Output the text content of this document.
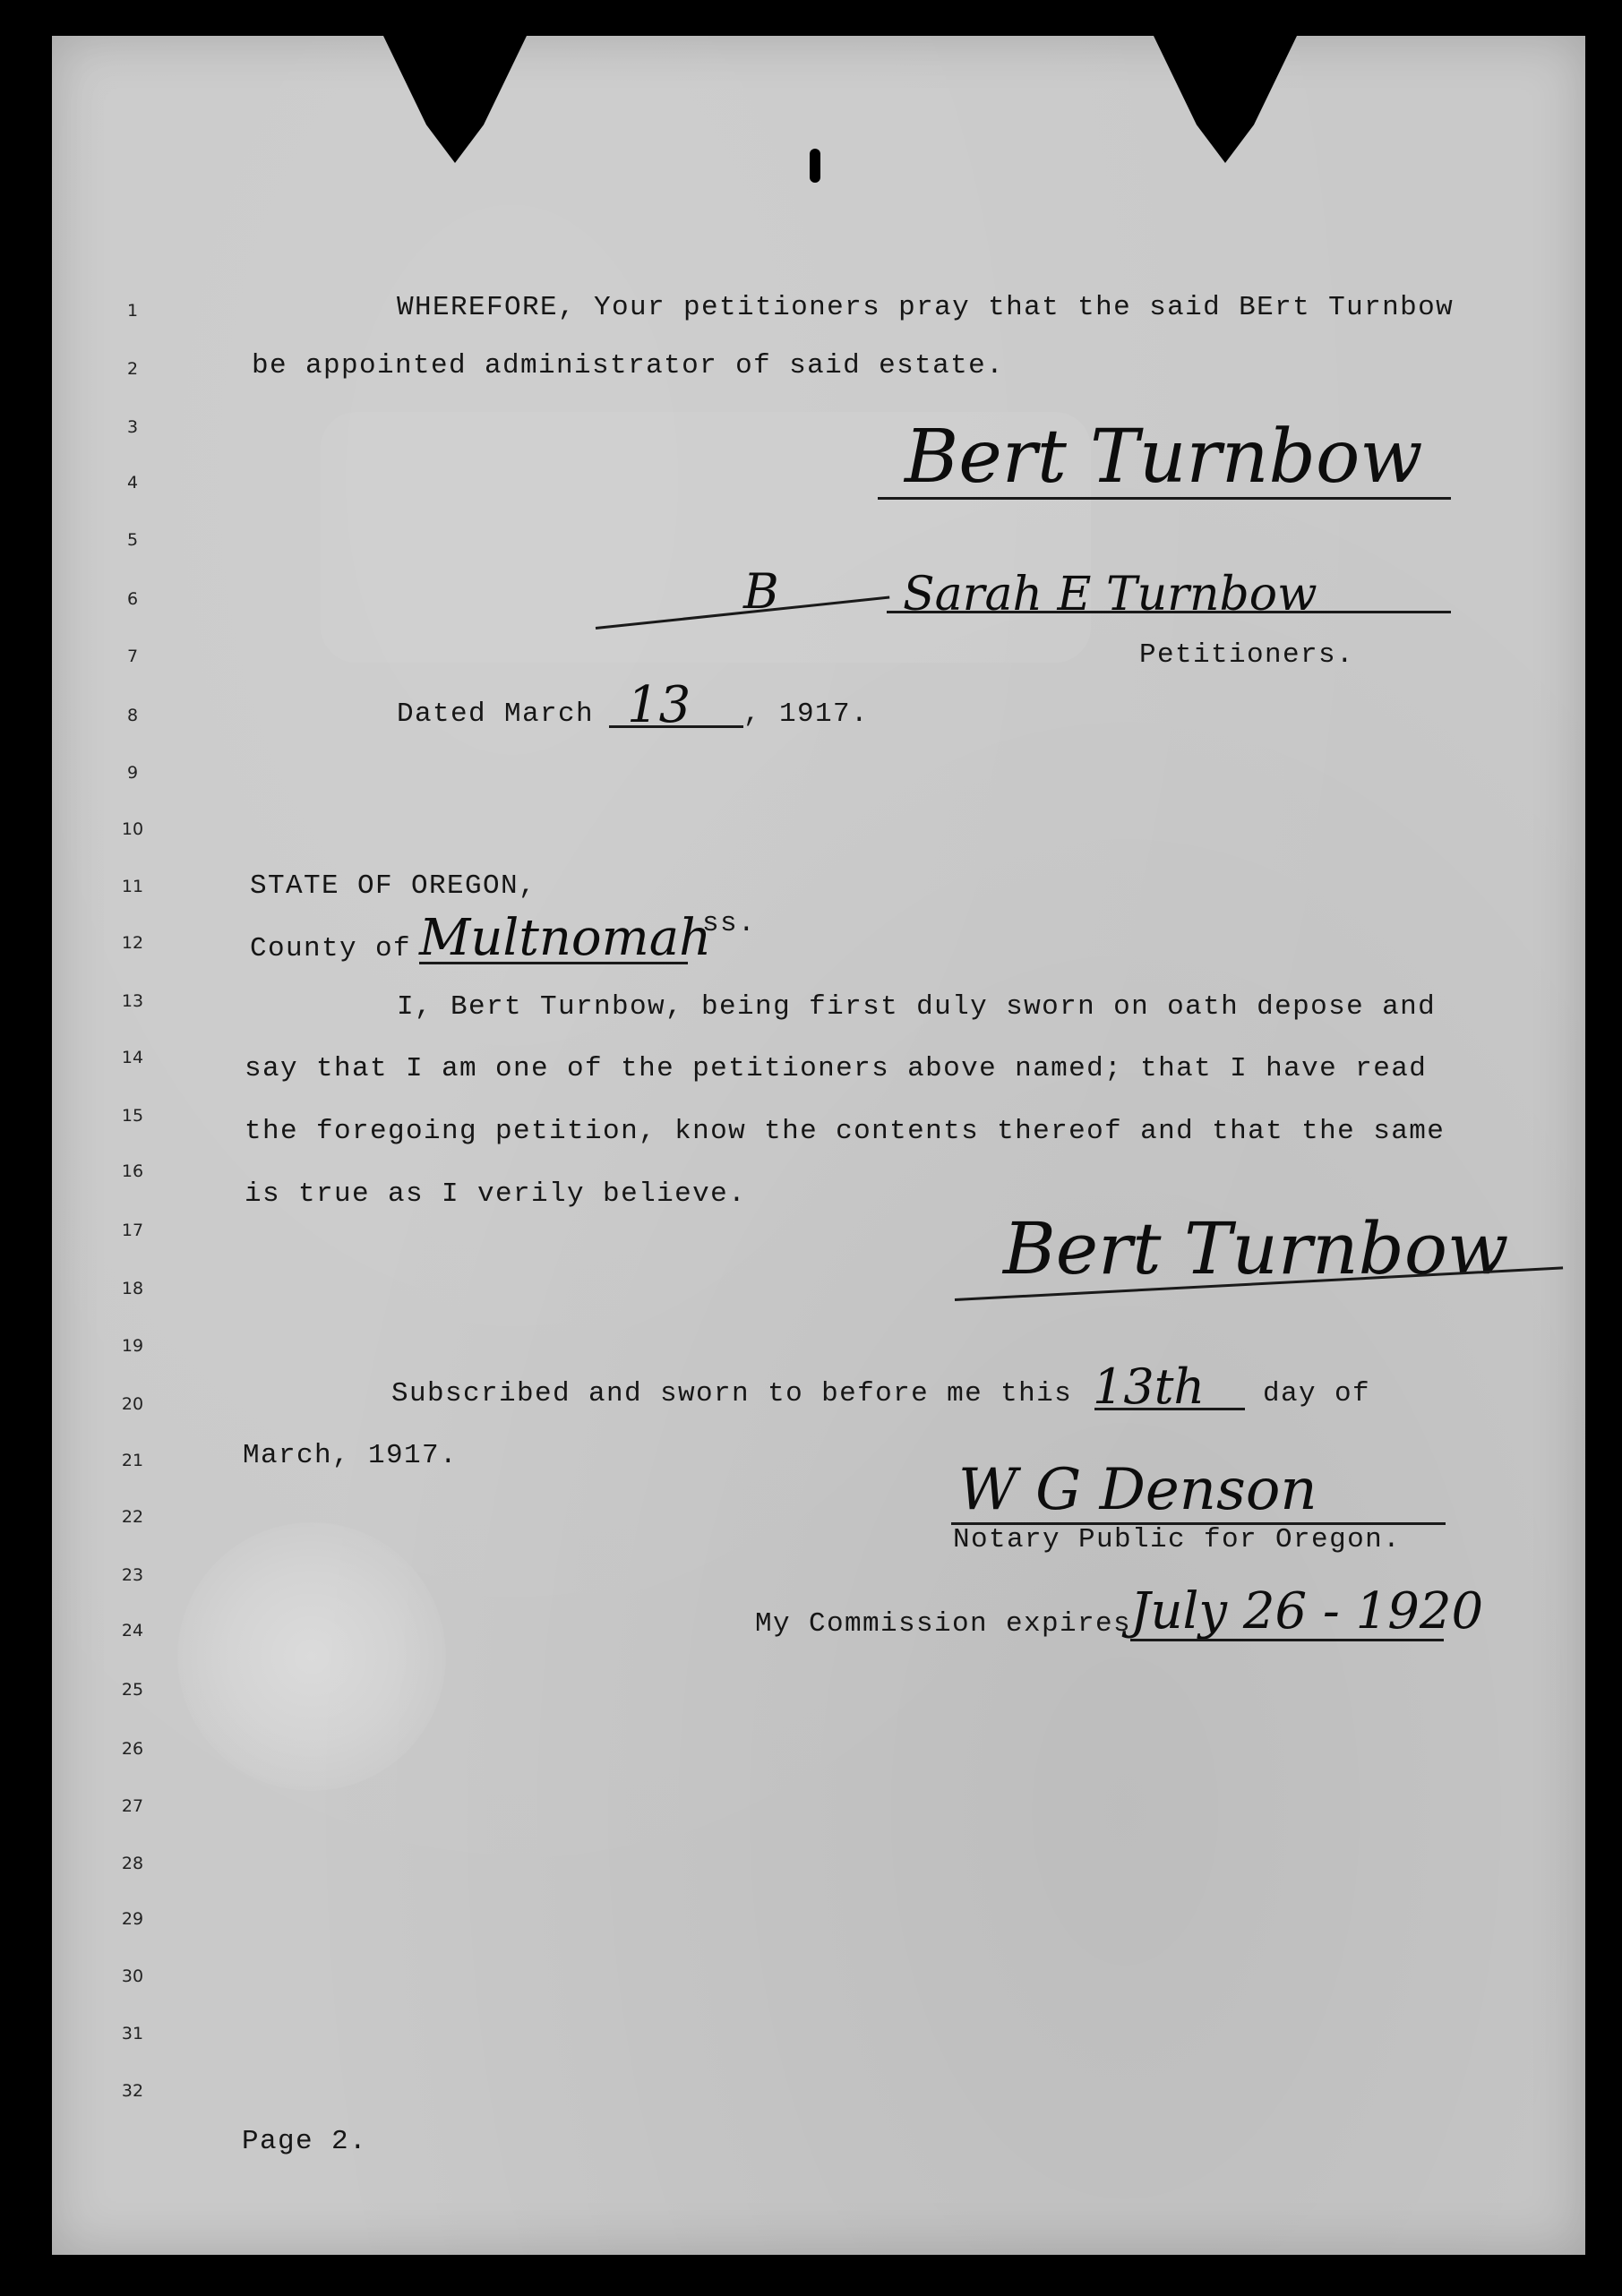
1
2
3
4
5
6
7
8
9
10
11
12
13
14
15
16
17
18
19
20
21
22
23
24
25
26
27
28
29
30
31
32
WHEREFORE, Your petitioners pray that the said BErt Turnbow
be appointed administrator of said estate.
Bert Turnbow
B	Sarah E Turnbow
Petitioners.
Dated March 13 , 1917.
STATE OF OREGON,
County of Multnomah
ss.
I, Bert Turnbow, being first duly sworn on oath depose and
say that I am one of the petitioners above named; that I have read
the foregoing petition, know the contents thereof and that the same
is true as I verily believe.
Bert Turnbow
Subscribed and sworn to before me this 13th day of
March, 1917.
W G Denson
Notary Public for Oregon.
My Commission expires
July 26 - 1920
Page 2.
